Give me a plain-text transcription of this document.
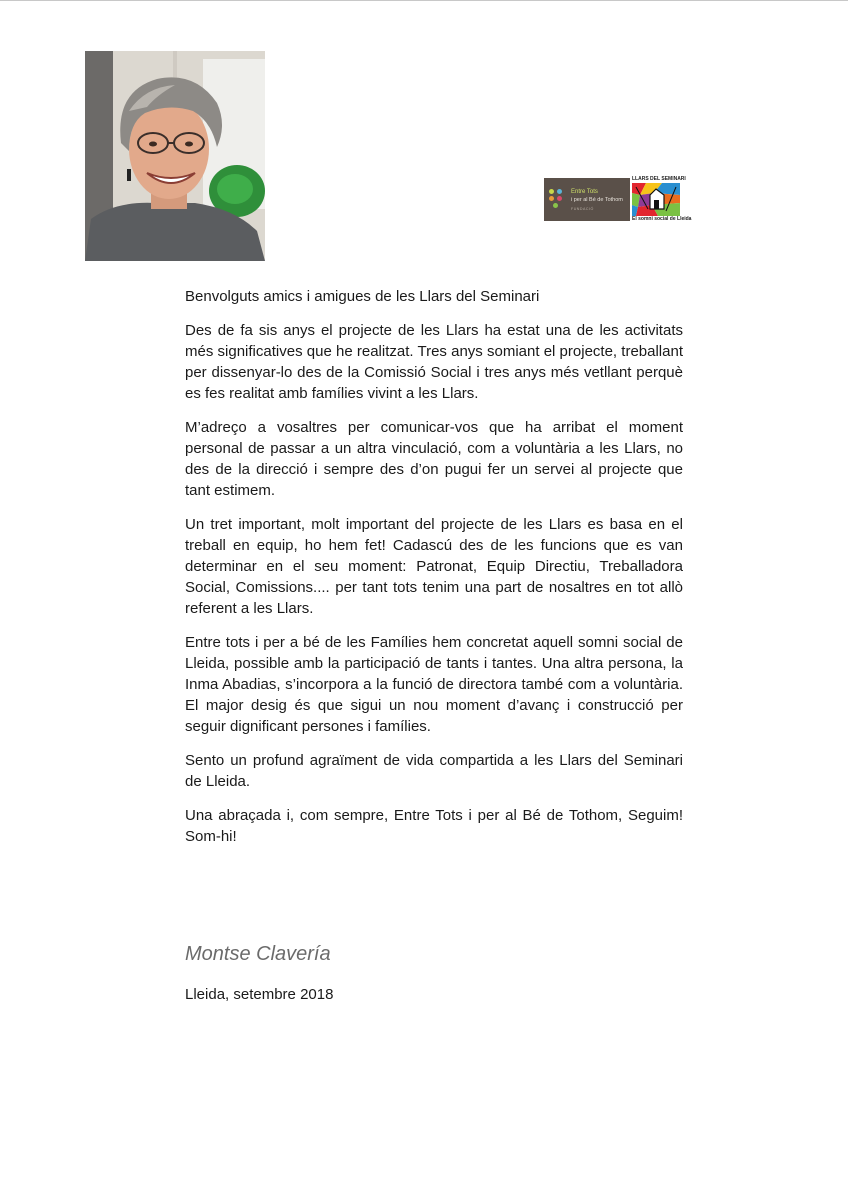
Entre Tots
i per al Bé de Tothom
FUNDACIÓ
LLARS DEL SEMINARI
El somni social de Lleida

Benvolguts amics i amigues de les Llars del Seminari

Des de fa sis anys el projecte de les Llars ha estat una de les activitats més significatives que he realitzat. Tres anys somiant el projecte, treballant per dissenyar-lo des de la Comissió Social i tres anys més vetllant perquè es fes realitat amb famílies vivint a les Llars.

M’adreço a vosaltres per comunicar-vos que ha arribat el moment personal de passar a un altra vinculació, com a voluntària a les Llars, no des de la direcció i sempre des d’on pugui fer un servei al projecte que tant estimem.

Un tret important, molt important del projecte de les Llars es basa en el treball en equip, ho hem fet! Cadascú des de les funcions que es van determinar en el seu moment: Patronat, Equip Directiu, Treballadora Social, Comissions.... per tant tots tenim una part de nosaltres en tot allò referent a les Llars.

Entre tots i per a bé de les Famílies hem concretat aquell somni social de Lleida, possible amb la participació de tants i tantes. Una altra persona, la Inma Abadias, s’incorpora a la funció de directora també com a voluntària. El major desig és que sigui un nou moment d’avanç i construcció per seguir dignificant persones i famílies.

Sento un profund agraïment de vida compartida a les Llars del Seminari de Lleida.

Una abraçada i, com sempre, Entre Tots i per al Bé de Tothom, Seguim! Som-hi!

Montse Clavería
Lleida, setembre 2018
